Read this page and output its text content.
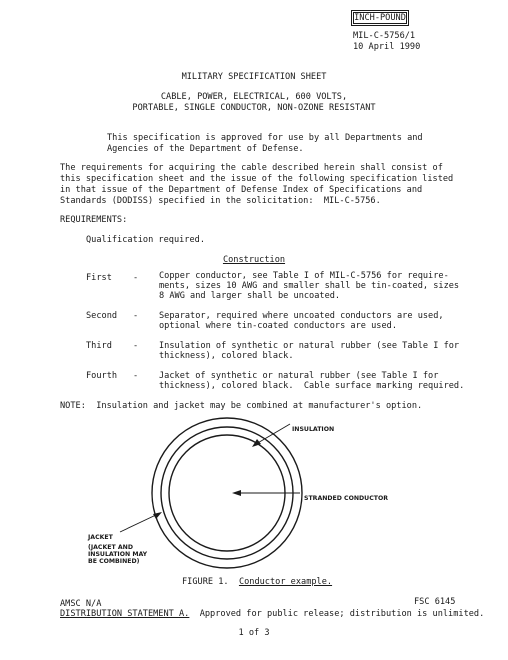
INCH-POUND

MIL-C-5756/1

10 April 1990

MILITARY SPECIFICATION SHEET

CABLE, POWER, ELECTRICAL, 600 VOLTS,

PORTABLE, SINGLE CONDUCTOR, NON-OZONE RESISTANT

This specification is approved for use by all Departments and

Agencies of the Department of Defense.

The requirements for acquiring the cable described herein shall consist of

this specification sheet and the issue of the following specification listed

in that issue of the Department of Defense Index of Specifications and

Standards (DODISS) specified in the solicitation:  MIL-C-5756.

REQUIREMENTS:

Qualification required.

Construction

First - Copper conductor, see Table I of MIL-C-5756 for require-

ments, sizes 10 AWG and smaller shall be tin-coated, sizes

8 AWG and larger shall be uncoated.

Second - Separator, required where uncoated conductors are used,

optional where tin-coated conductors are used.

Third - Insulation of synthetic or natural rubber (see Table I for

thickness), colored black.

Fourth - Jacket of synthetic or natural rubber (see Table I for

thickness), colored black.  Cable surface marking required.

NOTE:  Insulation and jacket may be combined at manufacturer's option.

INSULATION

STRANDED CONDUCTOR

JACKET

(JACKET AND

INSULATION MAY

BE COMBINED)

FIGURE 1. Conductor example.

AMSC N/A	FSC 6145

DISTRIBUTION STATEMENT A.  Approved for public release; distribution is unlimited.

1 of 3
